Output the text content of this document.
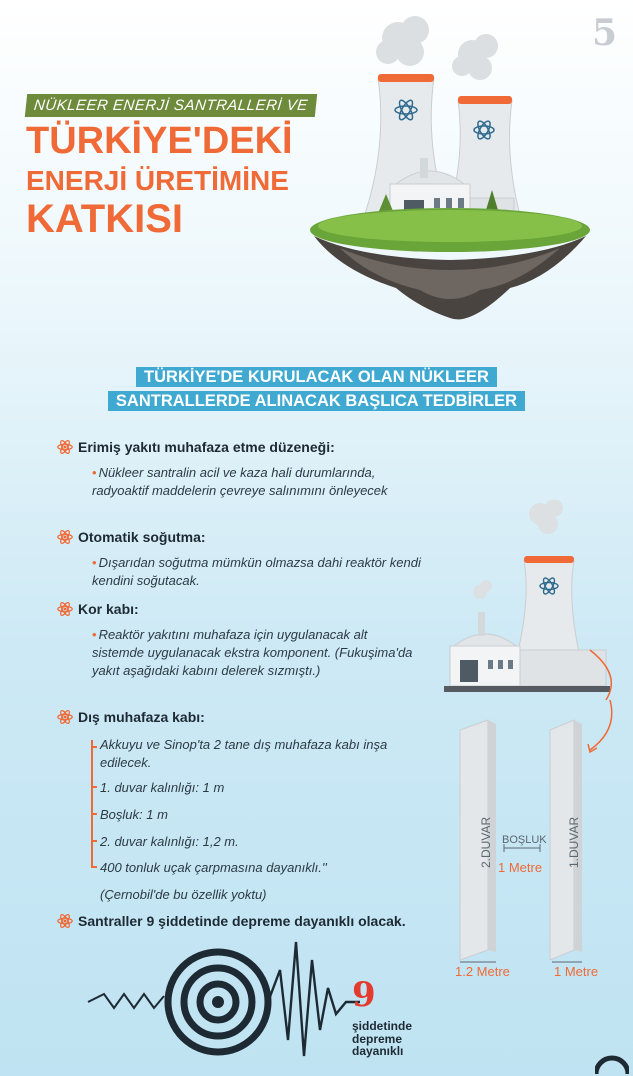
5
NÜKLEER ENERJİ SANTRALLERİ VE
TÜRKİYE'DEKİ
ENERJİ ÜRETİMİNE
KATKISI
TÜRKİYE'DE KURULACAK OLAN NÜKLEER
SANTRALLERDE ALINACAK BAŞLICA TEDBİRLER
Erimiş yakıtı muhafaza etme düzeneği:
• Nükleer santralin acil ve kaza hali durumlarında, radyoaktif maddelerin çevreye salınımını önleyecek
Otomatik soğutma:
• Dışarıdan soğutma mümkün olmazsa dahi reaktör kendi kendini soğutacak.
Kor kabı:
• Reaktör yakıtını muhafaza için uygulanacak alt sistemde uygulanacak ekstra komponent. (Fukuşima'da yakıt aşağıdaki kabını delerek sızmıştı.)
Dış muhafaza kabı:
Akkuyu ve Sinop'ta 2 tane dış muhafaza kabı inşa edilecek.
1. duvar kalınlığı: 1 m
Boşluk: 1 m
2. duvar kalınlığı: 1,2 m.
400 tonluk uçak çarpmasına dayanıklı.''
(Çernobil'de bu özellik yoktu)
Santraller 9 şiddetinde depreme dayanıklı olacak.
2.DUVAR	1.DUVAR
BOŞLUK
1 Metre
1.2 Metre	1 Metre
9
şiddetinde
depreme
dayanıklı
